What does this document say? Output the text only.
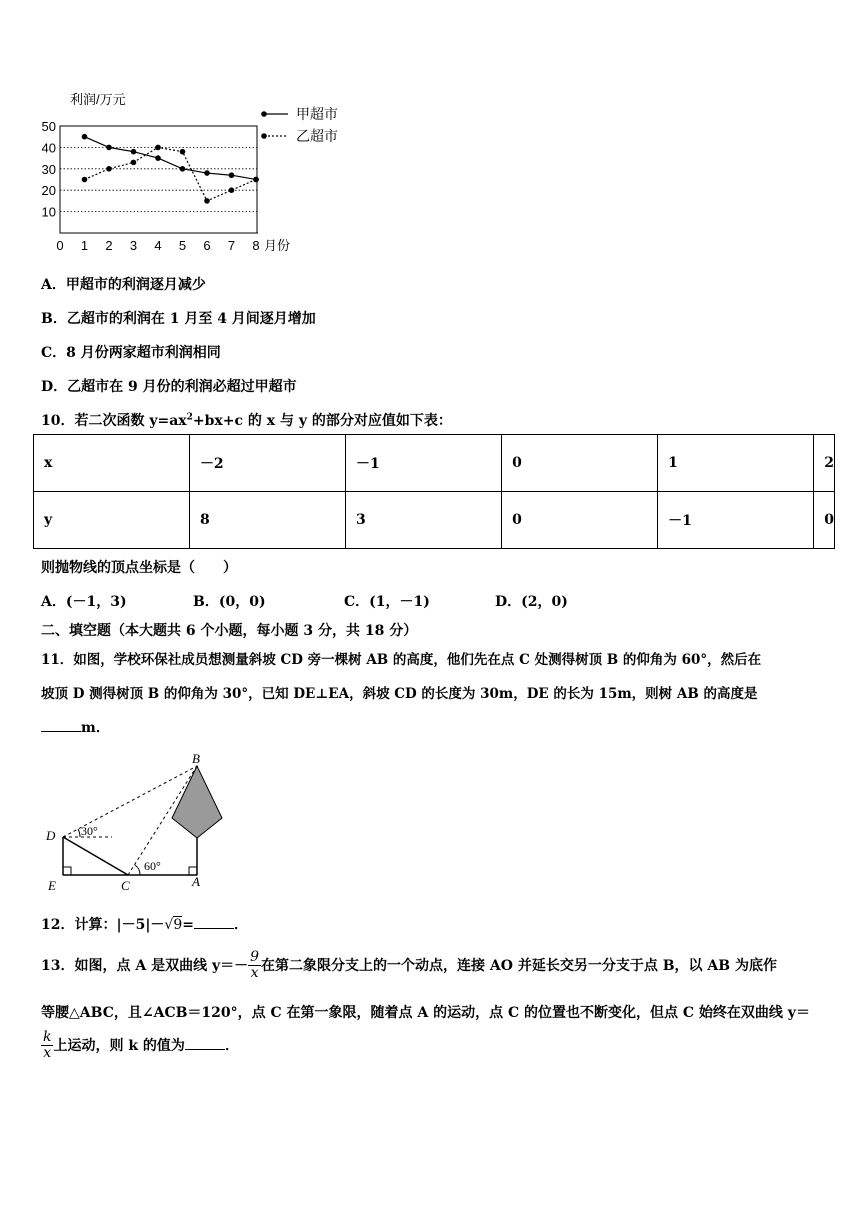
10
20
30
40
50
0 1 2 3 4 5 6 7 8
利润/万元
月份
甲超市
乙超市
A．甲超市的利润逐月减少
B．乙超市的利润在 1 月至 4 月间逐月增加
C．8 月份两家超市利润相同
D．乙超市在 9 月份的利润必超过甲超市
10．若二次函数 $y=ax^2+bx+c$ 的 x 与 y 的部分对应值如下表：
x	－2	－1	0	1	2
y	8	3	0	－1	0
则抛物线的顶点坐标是（　　）
A．(－1，3)	B．(0，0)	C．(1，－1)	D．(2，0)
二、填空题（本大题共 6 个小题，每小题 3 分，共 18 分）
11．如图，学校环保社成员想测量斜坡 CD 旁一棵树 AB 的高度，他们先在点 C 处测得树顶 B 的仰角为 60°，然后在
坡顶 D 测得树顶 B 的仰角为 30°，已知 DE⊥EA，斜坡 CD 的长度为 30m，DE 的长为 15m，则树 AB 的高度是
m．
B
D
E	C	A
30°
60°
12．计算：|－5|－√9=	．
13．如图，点 A 是双曲线 $y=- \frac{9}{x}$ 在第二象限分支上的一个动点，连接 AO 并延长交另一分支于点 B，以 AB 为底作
等腰△ABC，且∠ACB＝120°，点 C 在第一象限，随着点 A 的运动，点 C 的位置也不断变化，但点 C 始终在双曲线 y＝
$\frac{k}{x}$ 上运动，则 k 的值为	．
